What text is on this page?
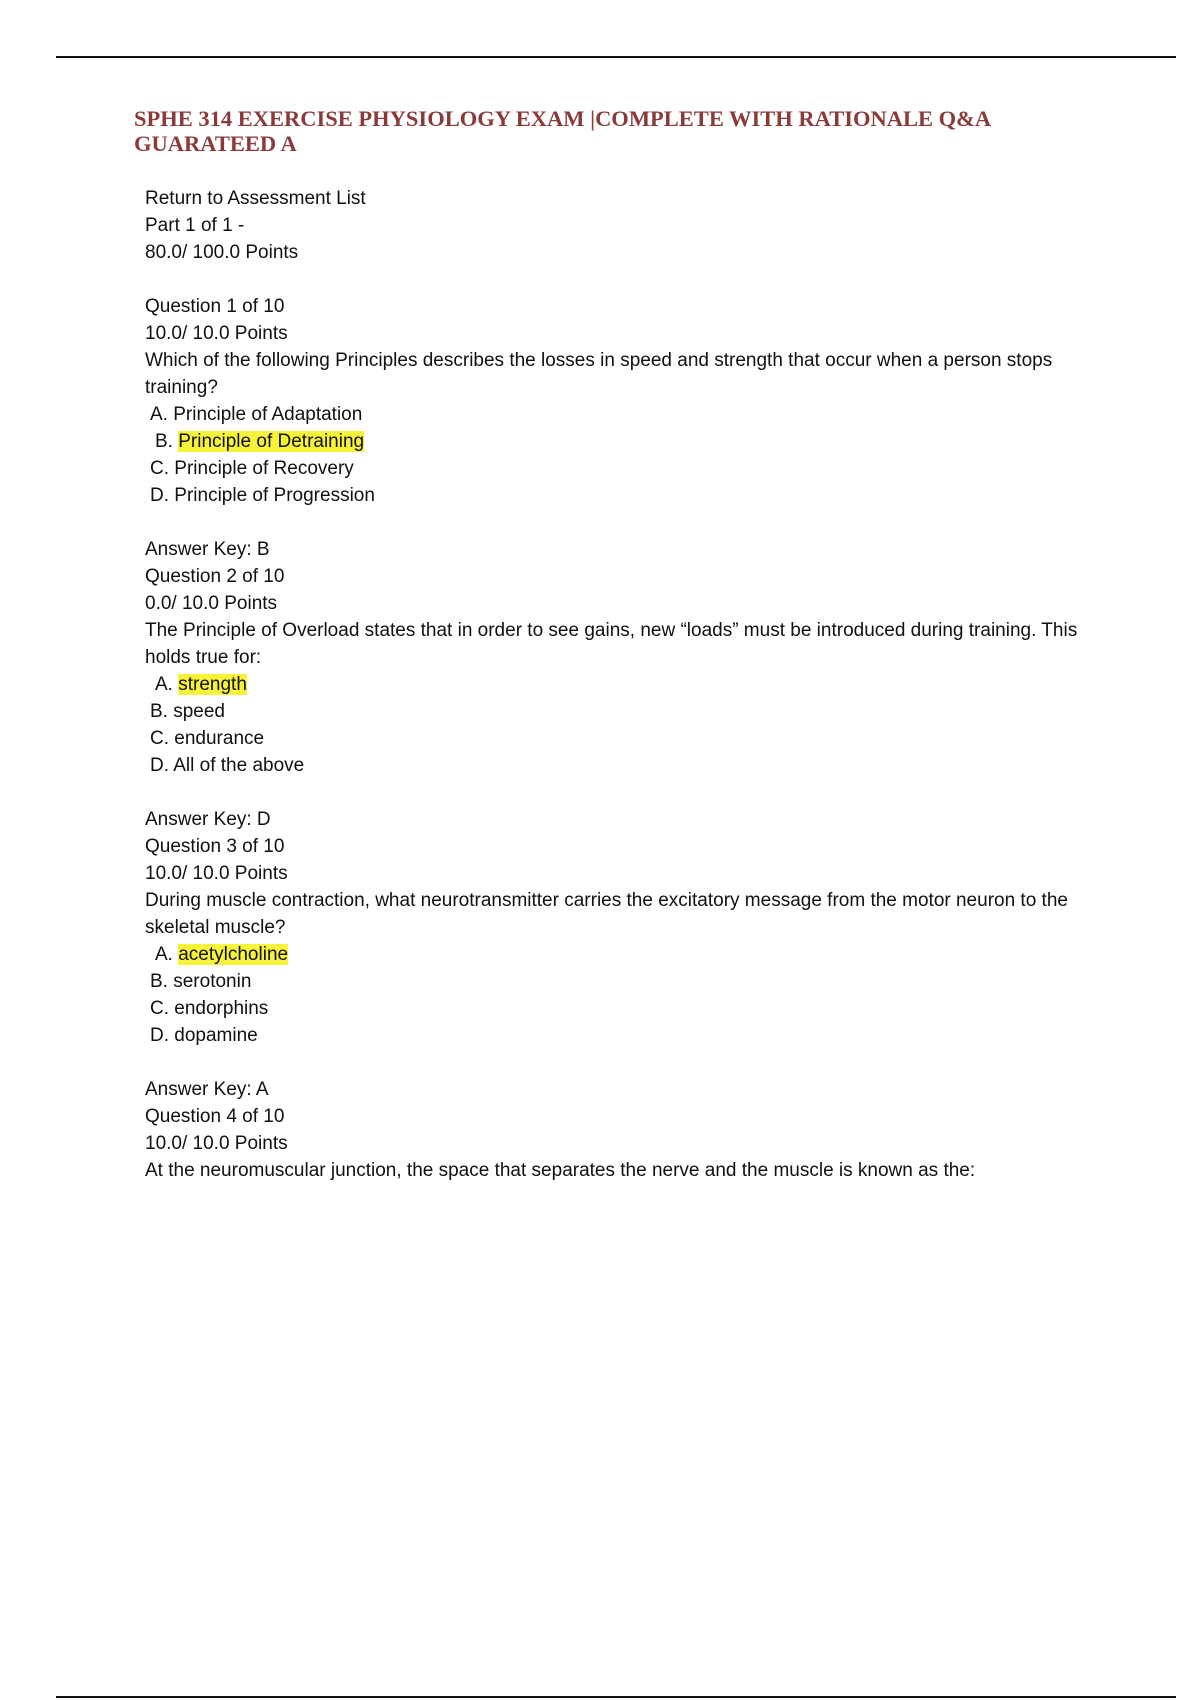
SPHE 314 EXERCISE PHYSIOLOGY EXAM |COMPLETE WITH RATIONALE Q&A GUARATEED A

Return to Assessment List

Part 1 of 1 -

80.0/ 100.0 Points

Question 1 of 10

10.0/ 10.0 Points

Which of the following Principles describes the losses in speed and strength that occur when a person stops training?

A. Principle of Adaptation

B. Principle of Detraining

C. Principle of Recovery

D. Principle of Progression

Answer Key: B

Question 2 of 10

0.0/ 10.0 Points

The Principle of Overload states that in order to see gains, new “loads” must be introduced during training. This holds true for:

A. strength

B. speed

C. endurance

D. All of the above

Answer Key: D

Question 3 of 10

10.0/ 10.0 Points

During muscle contraction, what neurotransmitter carries the excitatory message from the motor neuron to the skeletal muscle?

A. acetylcholine

B. serotonin

C. endorphins

D. dopamine

Answer Key: A

Question 4 of 10

10.0/ 10.0 Points

At the neuromuscular junction, the space that separates the nerve and the muscle is known as the:
